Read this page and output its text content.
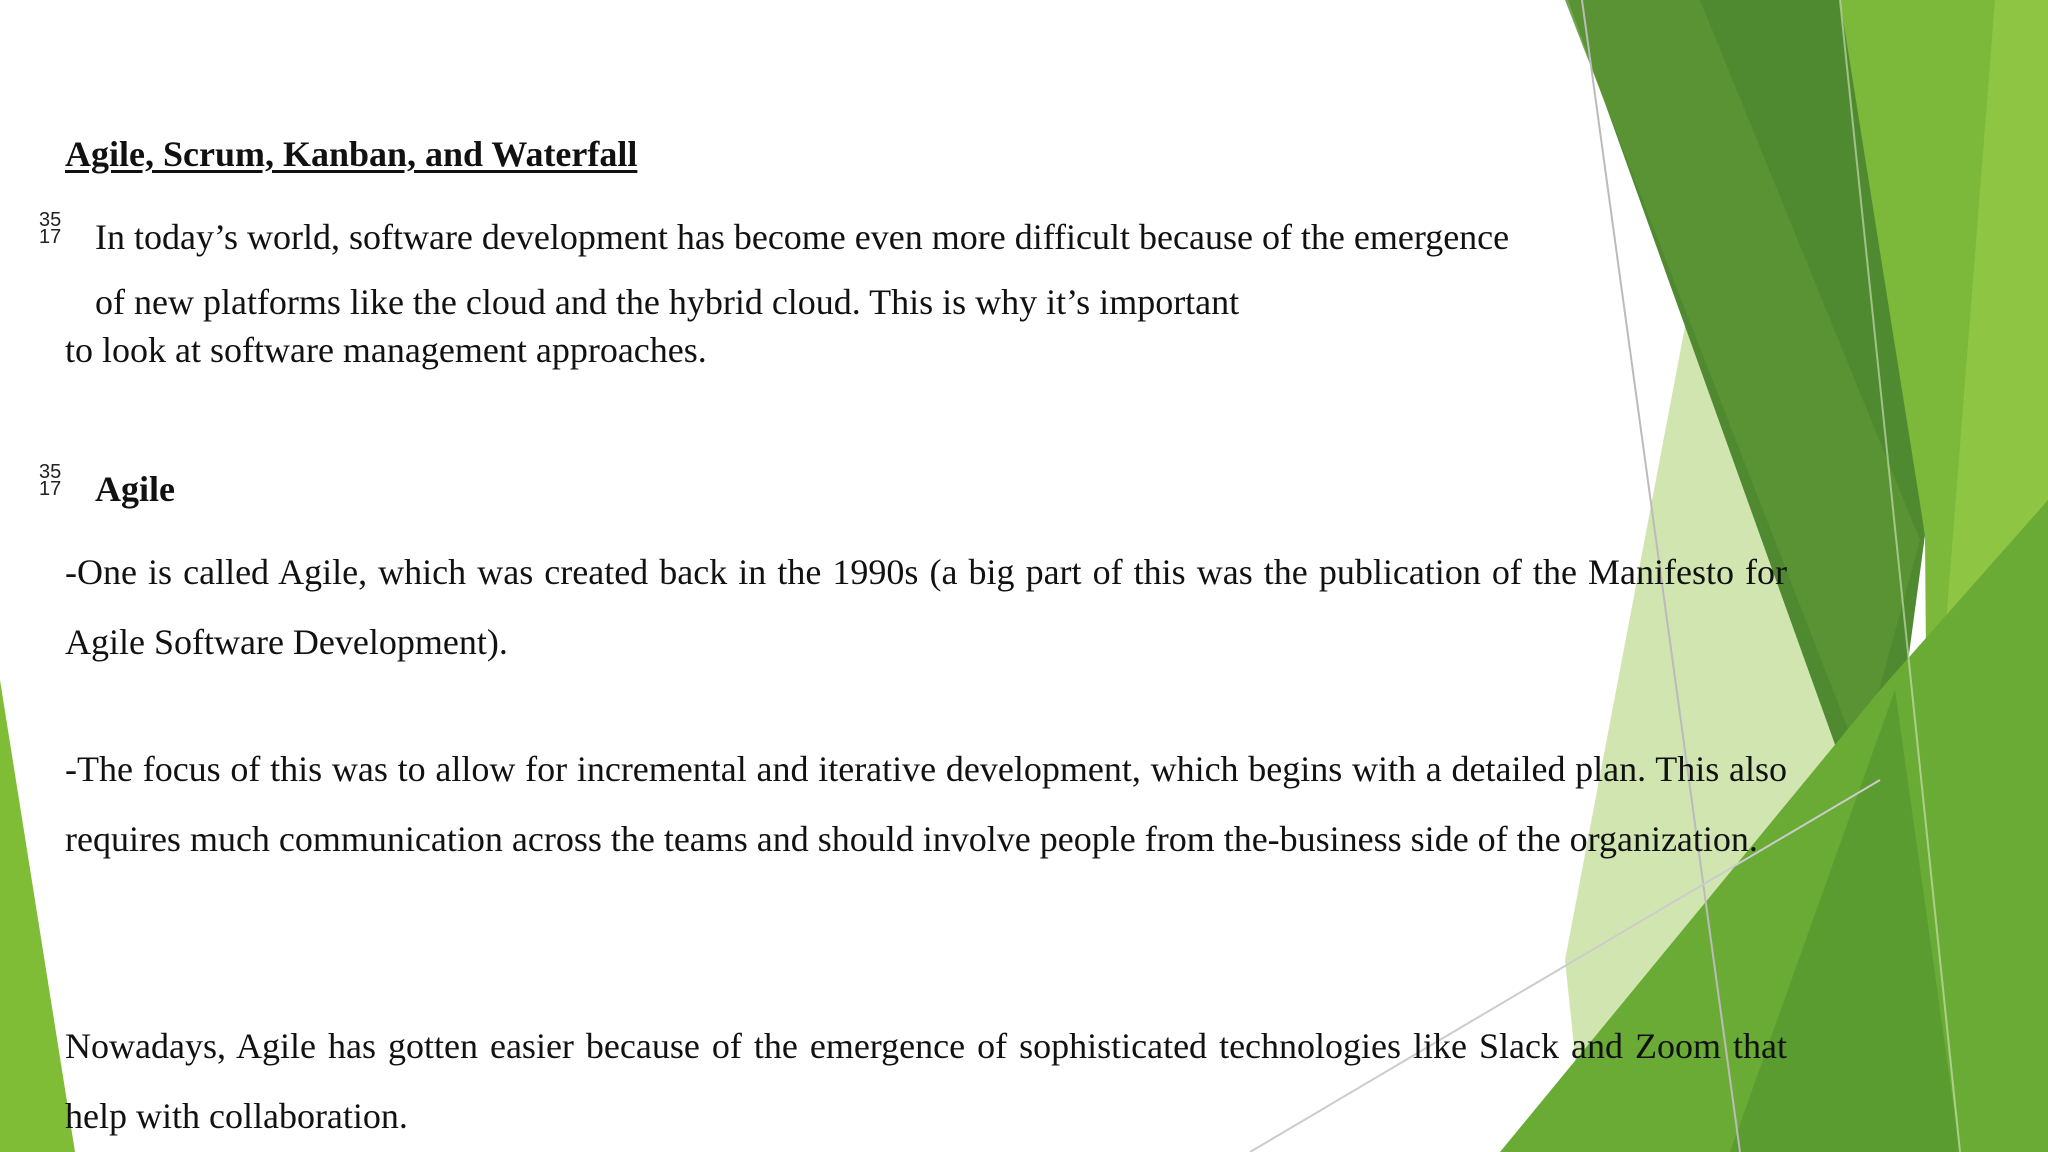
Agile, Scrum, Kanban, and Waterfall
35
17 In today’s world, software development has become even more difficult because of the emergence
of new platforms like the cloud and the hybrid cloud. This is why it’s important
to look at software management approaches.
35
17 Agile
-One is called Agile, which was created back in the 1990s (a big part of this was the publication of the Manifesto for Agile Software Development).
-The focus of this was to allow for incremental and iterative development, which begins with a detailed plan. This also requires much communication across the teams and should involve people from the-business side of the organization.
Nowadays, Agile has gotten easier because of the emergence of sophisticated technologies like Slack and Zoom that help with collaboration.
